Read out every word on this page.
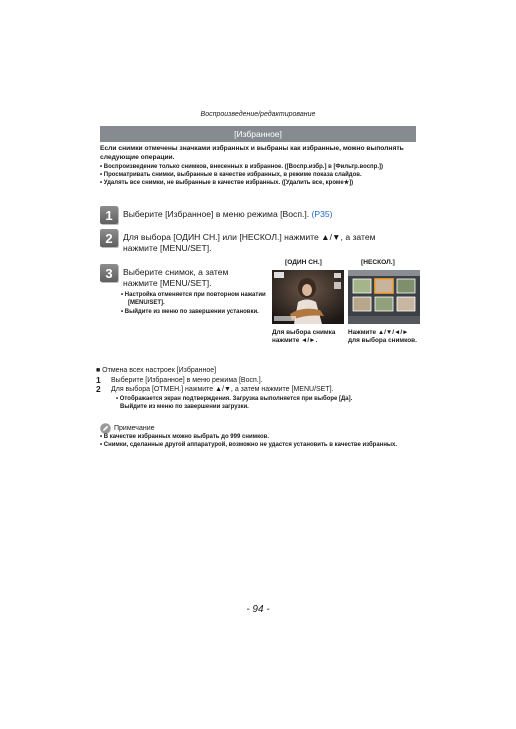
Воспроизведение/редактирование
[Избранное]

Если снимки отмечены значками избранных и выбраны как избранные, можно выполнять следующие операции.

• Воспроизведение только снимков, внесенных в избранное. ([Воспр.избр.] в [Фильтр.воспр.])

• Просматривать снимки, выбранные в качестве избранных, в режиме показа слайдов.

• Удалять все снимки, не выбранные в качестве избранных. ([Удалить все, кроме★])

1	Выберите [Избранное] в меню режима [Восп.]. (P35)
2	Для выбора [ОДИН СН.] или [НЕСКОЛ.] нажмите ▲/▼, а затем нажмите [MENU/SET].
3	Выберите снимок, а затем нажмите [MENU/SET].

• Настройка отменяется при повторном нажатии [MENU/SET].

• Выйдите из меню по завершении установки.

[ОДИН СН.]	[НЕСКОЛ.]
Для выбора снимка нажмите ◄/►.
Нажмите ▲/▼/◄/► для выбора снимков.
■ Отмена всех настроек [Избранное]
1	Выберите [Избранное] в меню режима [Восп.].
2	Для выбора [ОТМЕН.] нажмите ▲/▼, а затем нажмите [MENU/SET].
• Отображается экран подтверждения. Загрузка выполняется при выборе [Да].
Выйдите из меню по завершении загрузки.
Примечание

• В качестве избранных можно выбрать до 999 снимков.

• Снимки, сделанные другой аппаратурой, возможно не удастся установить в качестве избранных.

- 94 -
